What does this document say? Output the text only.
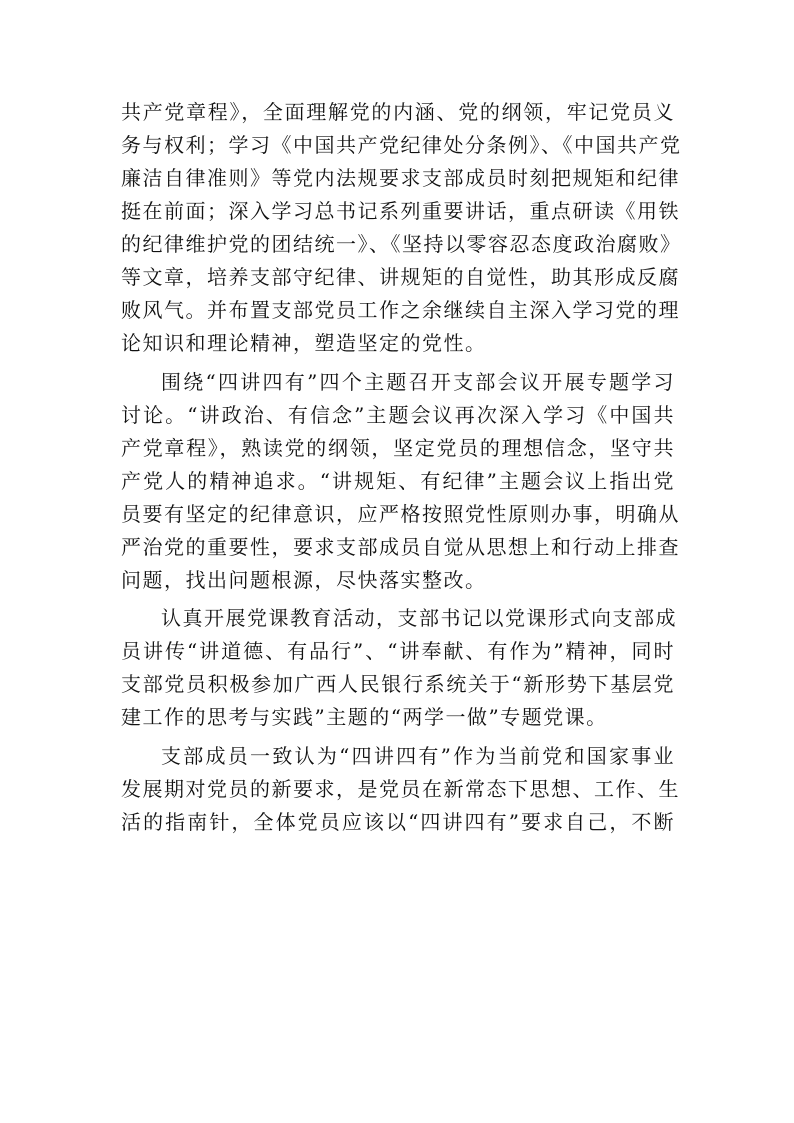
共产党章程》，全面理解党的内涵、党的纲领，牢记党员义
务与权利；学习《中国共产党纪律处分条例》、《中国共产党
廉洁自律准则》等党内法规要求支部成员时刻把规矩和纪律
挺在前面；深入学习总书记系列重要讲话，重点研读《用铁
的纪律维护党的团结统一》、《坚持以零容忍态度政治腐败》
等文章，培养支部守纪律、讲规矩的自觉性，助其形成反腐
败风气。并布置支部党员工作之余继续自主深入学习党的理
论知识和理论精神，塑造坚定的党性。
围绕“四讲四有”四个主题召开支部会议开展专题学习
讨论。“讲政治、有信念”主题会议再次深入学习《中国共
产党章程》，熟读党的纲领，坚定党员的理想信念，坚守共
产党人的精神追求。“讲规矩、有纪律”主题会议上指出党
员要有坚定的纪律意识，应严格按照党性原则办事，明确从
严治党的重要性，要求支部成员自觉从思想上和行动上排查
问题，找出问题根源，尽快落实整改。
认真开展党课教育活动，支部书记以党课形式向支部成
员讲传“讲道德、有品行”、“讲奉献、有作为”精神，同时
支部党员积极参加广西人民银行系统关于“新形势下基层党
建工作的思考与实践”主题的“两学一做”专题党课。
支部成员一致认为“四讲四有”作为当前党和国家事业
发展期对党员的新要求，是党员在新常态下思想、工作、生
活的指南针，全体党员应该以“四讲四有”要求自己，不断
